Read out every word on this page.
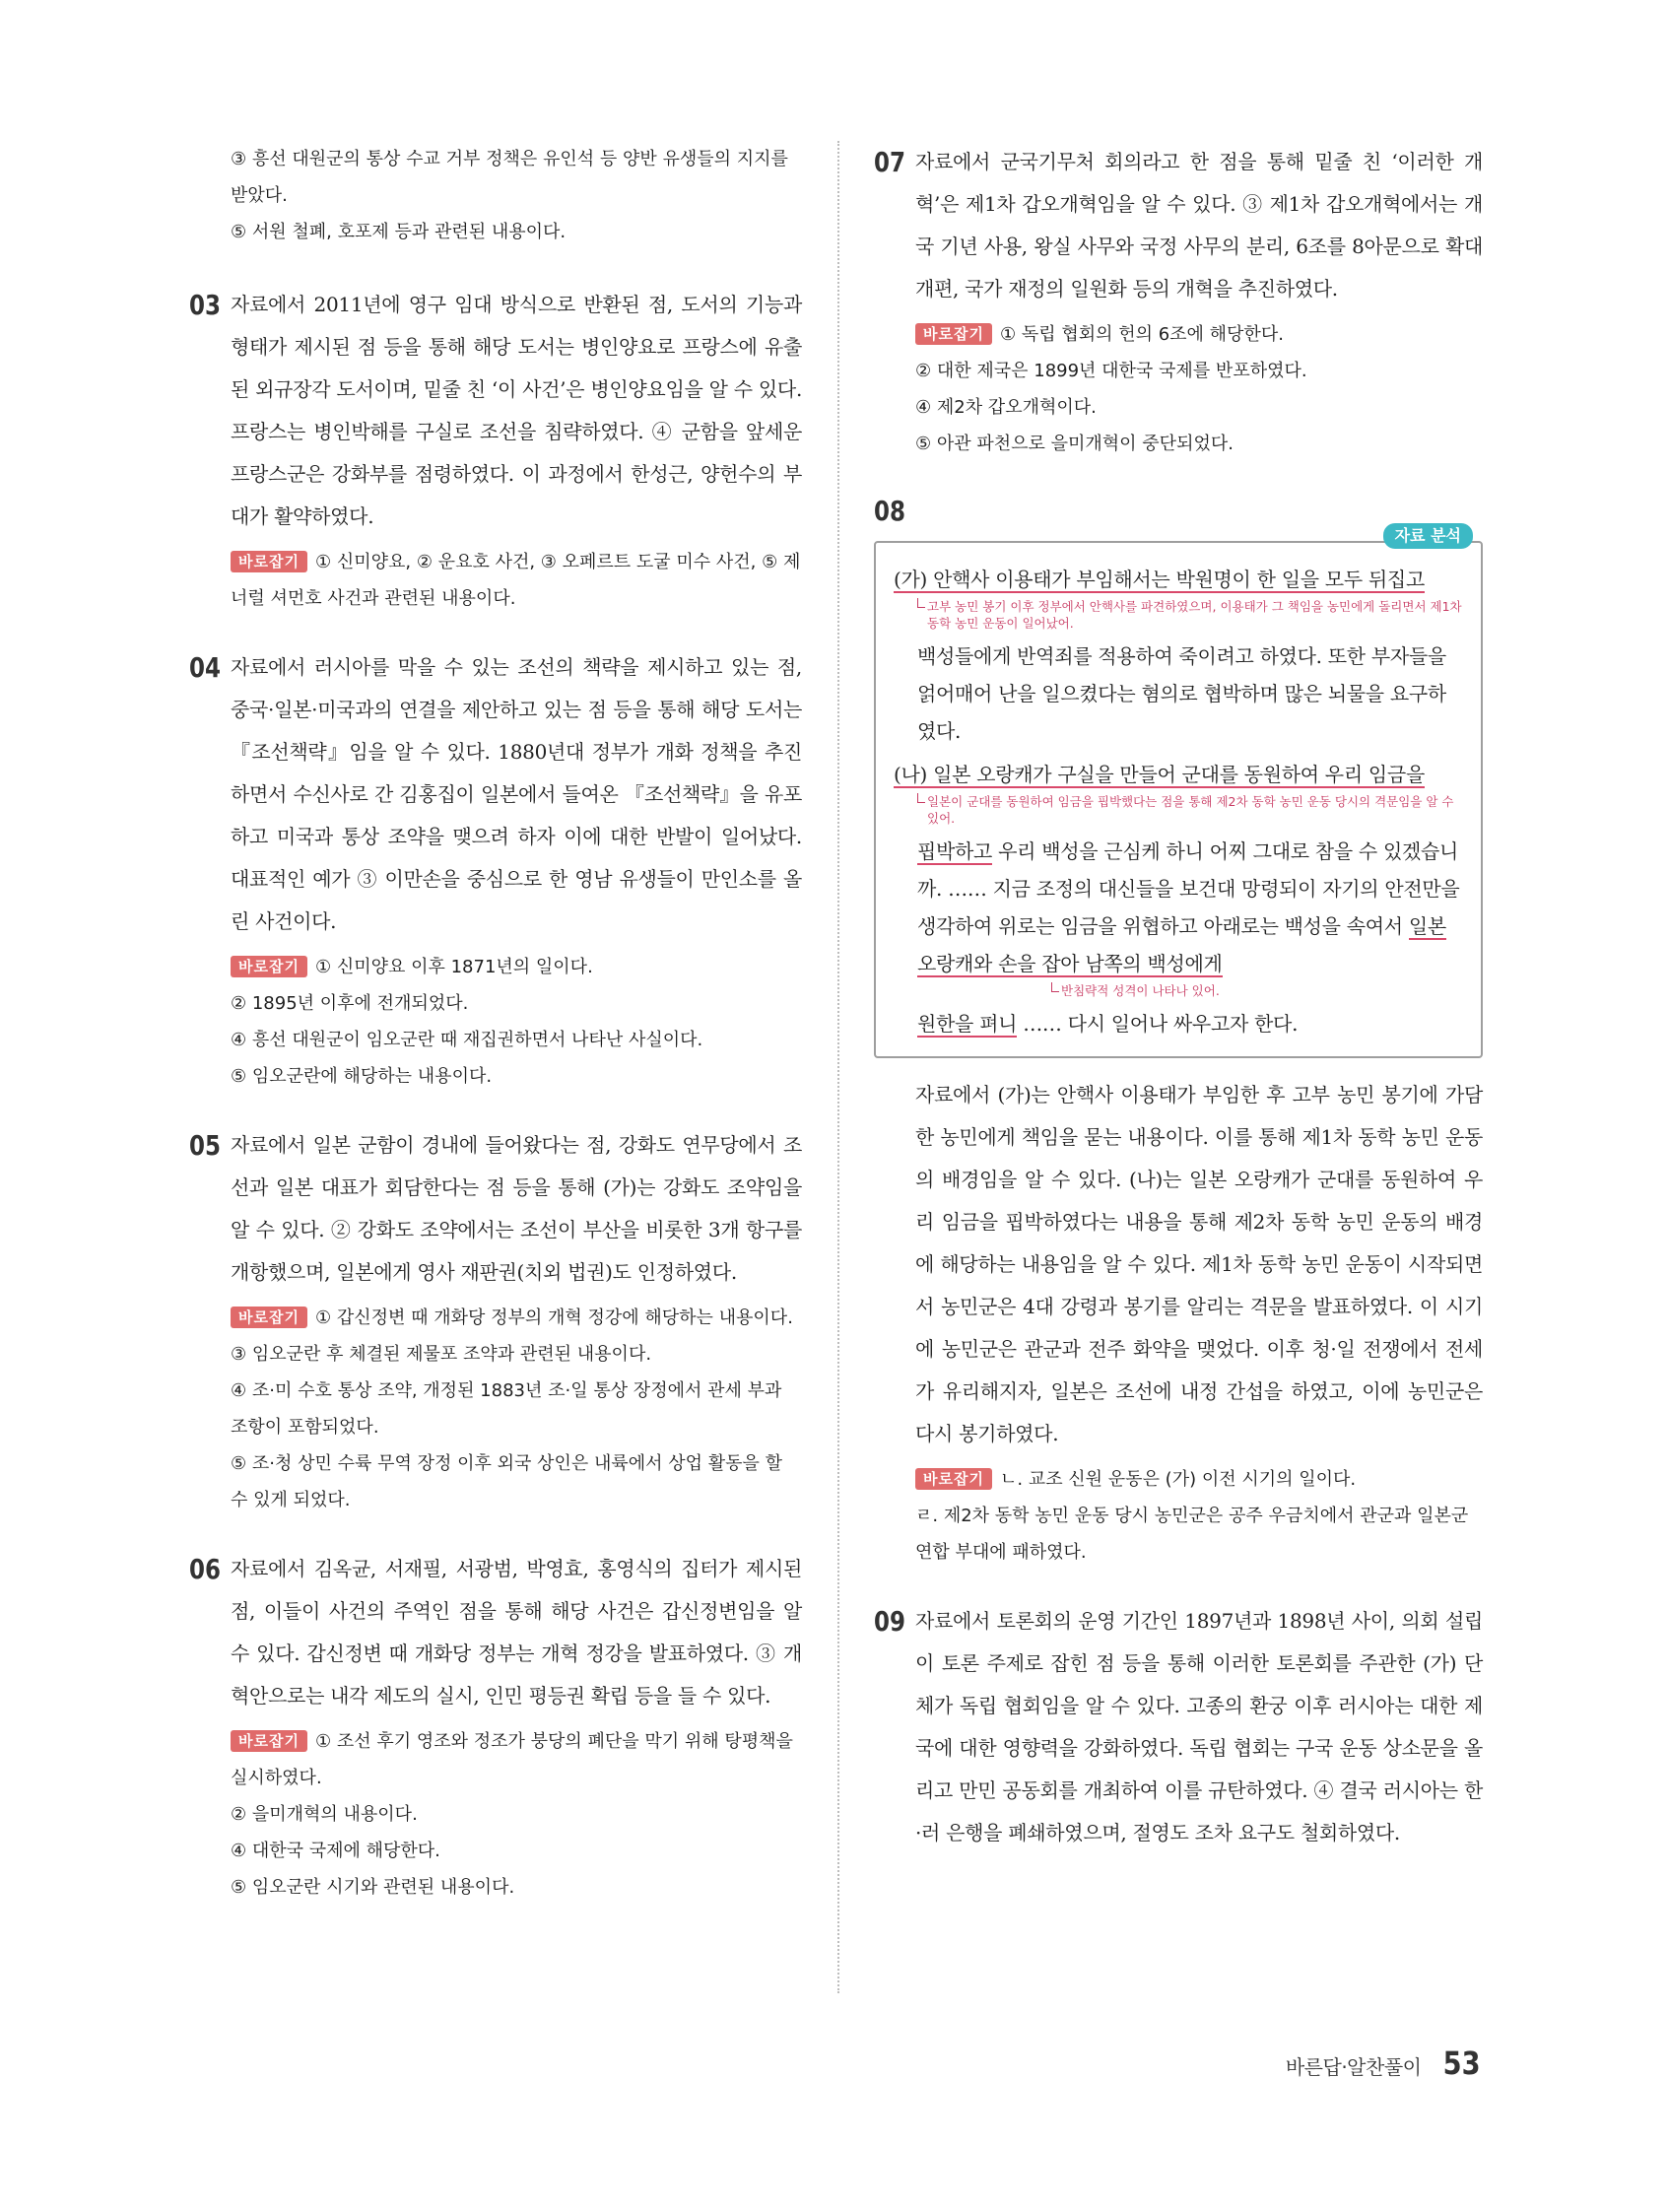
③ 흥선 대원군의 통상 수교 거부 정책은 유인석 등 양반 유생들의 지지를 받았다.

⑤ 서원 철폐, 호포제 등과 관련된 내용이다.

03 자료에서 2011년에 영구 임대 방식으로 반환된 점, 도서의 기능과 형태가 제시된 점 등을 통해 해당 도서는 병인양요로 프랑스에 유출된 외규장각 도서이며, 밑줄 친 ‘이 사건’은 병인양요임을 알 수 있다. 프랑스는 병인박해를 구실로 조선을 침략하였다. ④ 군함을 앞세운 프랑스군은 강화부를 점령하였다. 이 과정에서 한성근, 양헌수의 부대가 활약하였다.

바로잡기 ① 신미양요, ② 운요호 사건, ③ 오페르트 도굴 미수 사건, ⑤ 제너럴 셔먼호 사건과 관련된 내용이다.

04 자료에서 러시아를 막을 수 있는 조선의 책략을 제시하고 있는 점, 중국·일본·미국과의 연결을 제안하고 있는 점 등을 통해 해당 도서는 『조선책략』임을 알 수 있다. 1880년대 정부가 개화 정책을 추진하면서 수신사로 간 김홍집이 일본에서 들여온 『조선책략』을 유포하고 미국과 통상 조약을 맺으려 하자 이에 대한 반발이 일어났다. 대표적인 예가 ③ 이만손을 중심으로 한 영남 유생들이 만인소를 올린 사건이다.

바로잡기 ① 신미양요 이후 1871년의 일이다.

② 1895년 이후에 전개되었다.

④ 흥선 대원군이 임오군란 때 재집권하면서 나타난 사실이다.

⑤ 임오군란에 해당하는 내용이다.

05 자료에서 일본 군함이 경내에 들어왔다는 점, 강화도 연무당에서 조선과 일본 대표가 회담한다는 점 등을 통해 (가)는 강화도 조약임을 알 수 있다. ② 강화도 조약에서는 조선이 부산을 비롯한 3개 항구를 개항했으며, 일본에게 영사 재판권(치외 법권)도 인정하였다.

바로잡기 ① 갑신정변 때 개화당 정부의 개혁 정강에 해당하는 내용이다.

③ 임오군란 후 체결된 제물포 조약과 관련된 내용이다.

④ 조·미 수호 통상 조약, 개정된 1883년 조·일 통상 장정에서 관세 부과 조항이 포함되었다.

⑤ 조·청 상민 수륙 무역 장정 이후 외국 상인은 내륙에서 상업 활동을 할 수 있게 되었다.

06 자료에서 김옥균, 서재필, 서광범, 박영효, 홍영식의 집터가 제시된 점, 이들이 사건의 주역인 점을 통해 해당 사건은 갑신정변임을 알 수 있다. 갑신정변 때 개화당 정부는 개혁 정강을 발표하였다. ③ 개혁안으로는 내각 제도의 실시, 인민 평등권 확립 등을 들 수 있다.

바로잡기 ① 조선 후기 영조와 정조가 붕당의 폐단을 막기 위해 탕평책을 실시하였다.

② 을미개혁의 내용이다.

④ 대한국 국제에 해당한다.

⑤ 임오군란 시기와 관련된 내용이다.

07 자료에서 군국기무처 회의라고 한 점을 통해 밑줄 친 ‘이러한 개혁’은 제1차 갑오개혁임을 알 수 있다. ③ 제1차 갑오개혁에서는 개국 기년 사용, 왕실 사무와 국정 사무의 분리, 6조를 8아문으로 확대 개편, 국가 재정의 일원화 등의 개혁을 추진하였다.

바로잡기 ① 독립 협회의 헌의 6조에 해당한다.

② 대한 제국은 1899년 대한국 국제를 반포하였다.

④ 제2차 갑오개혁이다.

⑤ 아관 파천으로 을미개혁이 중단되었다.

08
자료 분석

(가) 안핵사 이용태가 부임해서는 박원명이 한 일을 모두 뒤집고

고부 농민 봉기 이후 정부에서 안핵사를 파견하였으며, 이용태가 그 책임을 농민에게 돌리면서 제1차 동학 농민 운동이 일어났어.

백성들에게 반역죄를 적용하여 죽이려고 하였다. 또한 부자들을 얽어매어 난을 일으켰다는 혐의로 협박하며 많은 뇌물을 요구하였다.

(나) 일본 오랑캐가 구실을 만들어 군대를 동원하여 우리 임금을

일본이 군대를 동원하여 임금을 핍박했다는 점을 통해 제2차 동학 농민 운동 당시의 격문임을 알 수 있어.

핍박하고 우리 백성을 근심케 하니 어찌 그대로 참을 수 있겠습니까. …… 지금 조정의 대신들을 보건대 망령되이 자기의 안전만을 생각하여 위로는 임금을 위협하고 아래로는 백성을 속여서 일본 오랑캐와 손을 잡아 남쪽의 백성에게

반침략적 성격이 나타나 있어.

원한을 펴니 …… 다시 일어나 싸우고자 한다.

자료에서 (가)는 안핵사 이용태가 부임한 후 고부 농민 봉기에 가담한 농민에게 책임을 묻는 내용이다. 이를 통해 제1차 동학 농민 운동의 배경임을 알 수 있다. (나)는 일본 오랑캐가 군대를 동원하여 우리 임금을 핍박하였다는 내용을 통해 제2차 동학 농민 운동의 배경에 해당하는 내용임을 알 수 있다. 제1차 동학 농민 운동이 시작되면서 농민군은 4대 강령과 봉기를 알리는 격문을 발표하였다. 이 시기에 농민군은 관군과 전주 화약을 맺었다. 이후 청·일 전쟁에서 전세가 유리해지자, 일본은 조선에 내정 간섭을 하였고, 이에 농민군은 다시 봉기하였다.

바로잡기 ㄴ. 교조 신원 운동은 (가) 이전 시기의 일이다.

ㄹ. 제2차 동학 농민 운동 당시 농민군은 공주 우금치에서 관군과 일본군 연합 부대에 패하였다.

09 자료에서 토론회의 운영 기간인 1897년과 1898년 사이, 의회 설립이 토론 주제로 잡힌 점 등을 통해 이러한 토론회를 주관한 (가) 단체가 독립 협회임을 알 수 있다. 고종의 환궁 이후 러시아는 대한 제국에 대한 영향력을 강화하였다. 독립 협회는 구국 운동 상소문을 올리고 만민 공동회를 개최하여 이를 규탄하였다. ④ 결국 러시아는 한·러 은행을 폐쇄하였으며, 절영도 조차 요구도 철회하였다.

바른답·알찬풀이 53
